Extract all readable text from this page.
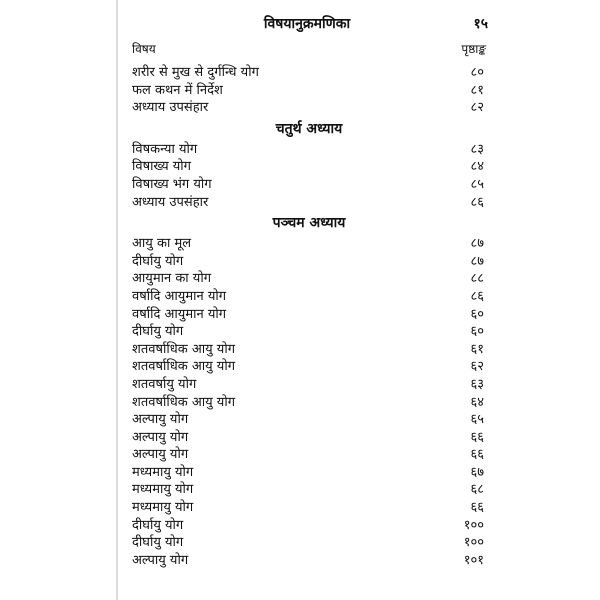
विषयानुक्रमणिका	१५
विषय	पृष्ठाङ्क
शरीर से मुख से दुर्गन्धि योग	८०
फल कथन में निर्देश	८१
अध्याय उपसंहार	८२
चतुर्थ अध्याय
विषकन्या योग	८३
विषाख्य योग	८४
विषाख्य भंग योग	८५
अध्याय उपसंहार	८६
पञ्चम अध्याय
आयु का मूल	८७
दीर्घायु योग	८७
आयुमान का योग	८८
वर्षादि आयुमान योग	८६
वर्षादि आयुमान योग	६०
दीर्घायु योग	६०
शतवर्षाधिक आयु योग	६१
शतवर्षाधिक आयु योग	६२
शतवर्षायु योग	६३
शतवर्षाधिक आयु योग	६४
अल्पायु योग	६५
अल्पायु योग	६६
अल्पायु योग	६६
मध्यमायु योग	६७
मध्यमायु योग	६८
मध्यमायु योग	६६
दीर्घायु योग	१००
दीर्घायु योग	१००
अल्पायु योग	१०१
